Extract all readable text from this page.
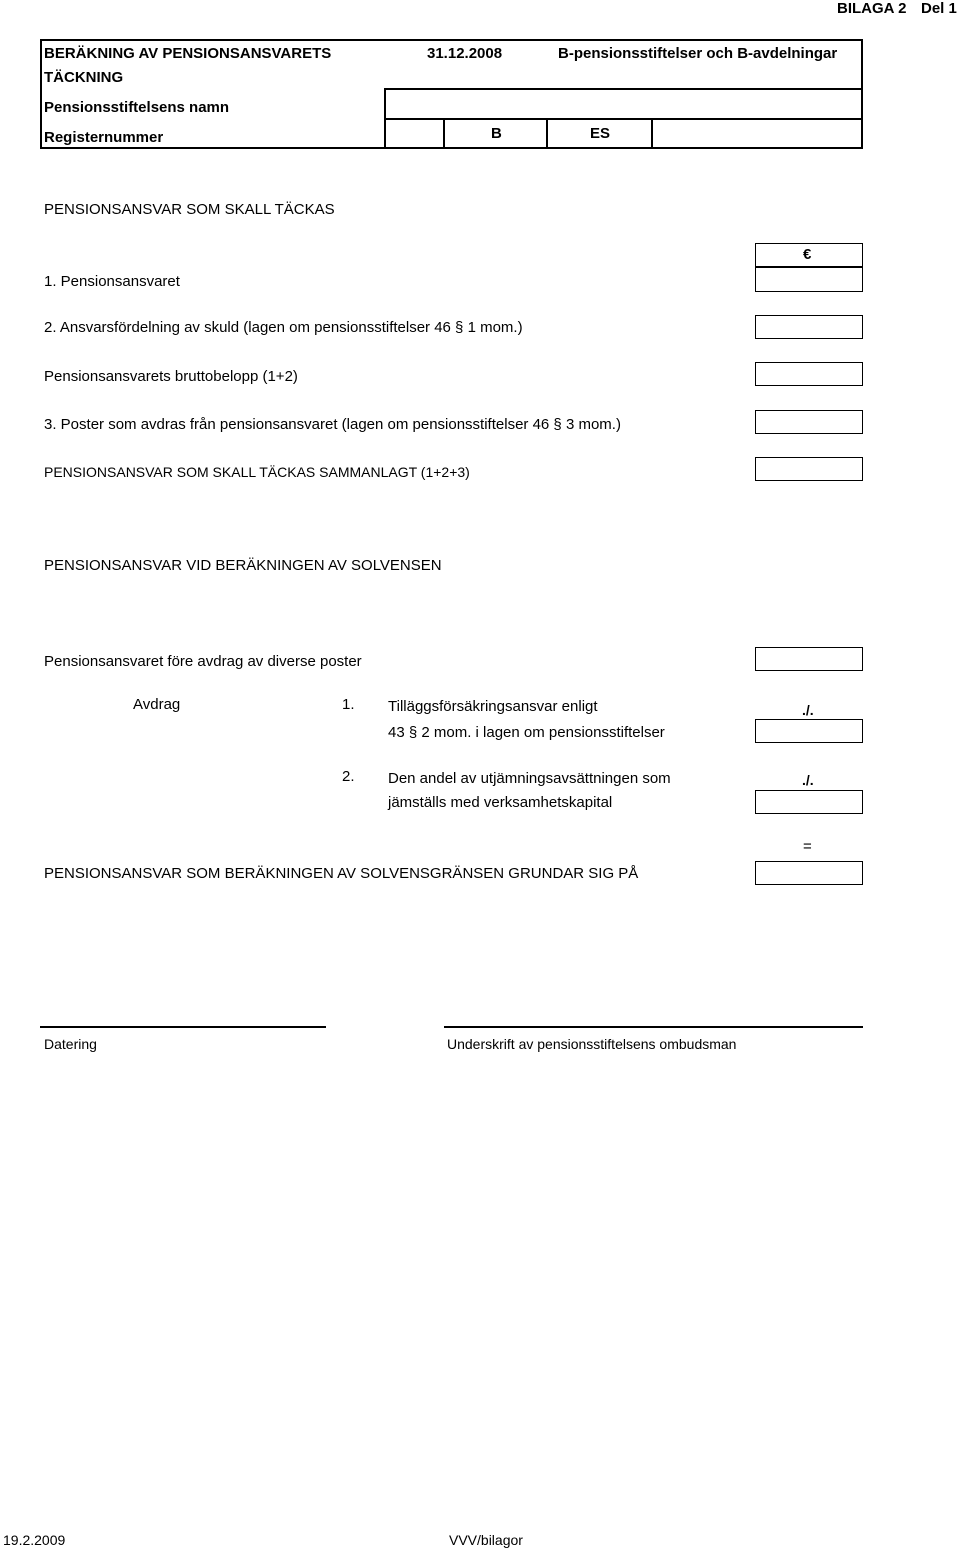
BILAGA 2 Del 1
BERÄKNING AV PENSIONSANSVARETS
TÄCKNING
31.12.2008	B-pensionsstiftelser och B-avdelningar
Pensionsstiftelsens namn
Registernummer	B	ES
PENSIONSANSVAR SOM SKALL TÄCKAS
1. Pensionsansvaret
€
2. Ansvarsfördelning av skuld (lagen om pensionsstiftelser 46 § 1 mom.)
Pensionsansvarets bruttobelopp (1+2)
3. Poster som avdras från pensionsansvaret (lagen om pensionsstiftelser 46 § 3 mom.)
PENSIONSANSVAR SOM SKALL TÄCKAS SAMMANLAGT (1+2+3)
PENSIONSANSVAR VID BERÄKNINGEN AV SOLVENSEN
Pensionsansvaret före avdrag av diverse poster
Avdrag	1. Tilläggsförsäkringsansvar enligt
43 § 2 mom. i lagen om pensionsstiftelser
./.
2. Den andel av utjämningsavsättningen som
jämställs med verksamhetskapital
./.
=
PENSIONSANSVAR SOM BERÄKNINGEN AV SOLVENSGRÄNSEN GRUNDAR SIG PÅ
Datering	Underskrift av pensionsstiftelsens ombudsman
19.2.2009	VVV/bilagor
